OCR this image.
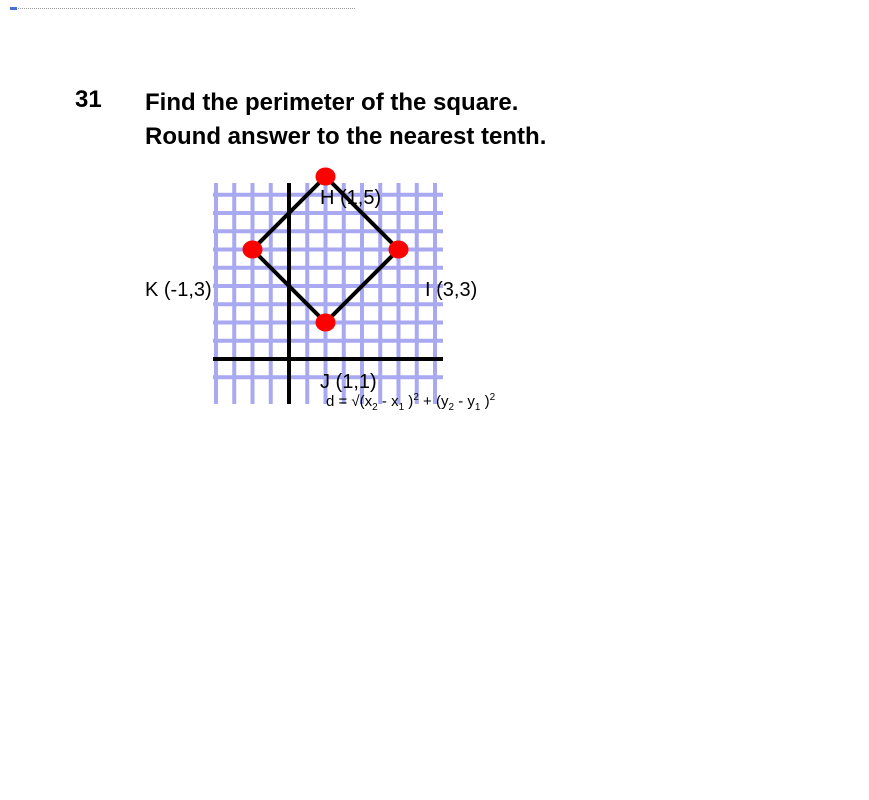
31 Find the perimeter of the square.
Round answer to the nearest tenth.
H (1,5)
K (-1,3)	I (3,3)
J (1,1)
$d = √(x_2 - x_1$ )$^2 + (y_2 - y_1$ )$^2$
